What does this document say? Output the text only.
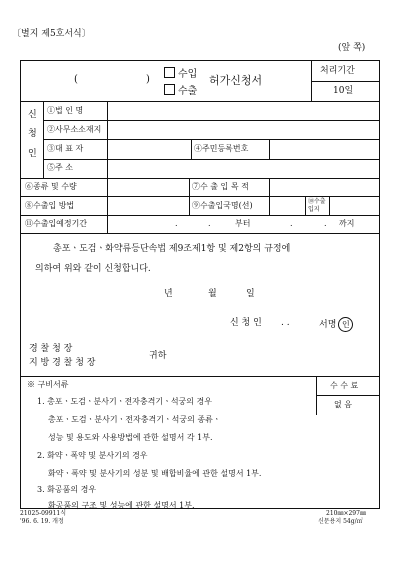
〔별지 제5호서식〕
(앞 쪽)
(	)	수입
수출
허가신청서
처리기간
10일
신
청
인
①법 인 명
②사무소소재지
③대 표 자	④주민등록번호
⑤주 소
⑥종류 및 수량	⑦수 출 입 목 적
⑧수출입 방법	⑨수출입국명(선)	⑩수출 입지
⑪수출입예정기간	.	.	부터	.	. 까지
총포ㆍ도검ㆍ화약류등단속법 제9조제1항 및 제2항의 규정에
의하여 위와 같이 신청합니다.
년	월	일
신 청 인 . .	서명 인
경 찰 청 장
지 방 경 찰 청 장
귀하
수 수 료
없 음
※ 구비서류
1. 총포ㆍ도검ㆍ분사기ㆍ전자충격기ㆍ석궁의 경우
총포ㆍ도검ㆍ분사기ㆍ전자충격기ㆍ석궁의 종류ㆍ
성능 및 용도와 사용방법에 관한 설명서 각 1부.
2. 화약ㆍ폭약 및 분사기의 경우
화약ㆍ폭약 및 분사기의 성분 및 배합비율에 관한 설명서 1부.
3. 화공품의 경우
화공품의 구조 및 성능에 관한 설명서 1부.
21025-09911식
'96. 6. 19. 개정
210㎜×297㎜
신문용지 54g/㎡
